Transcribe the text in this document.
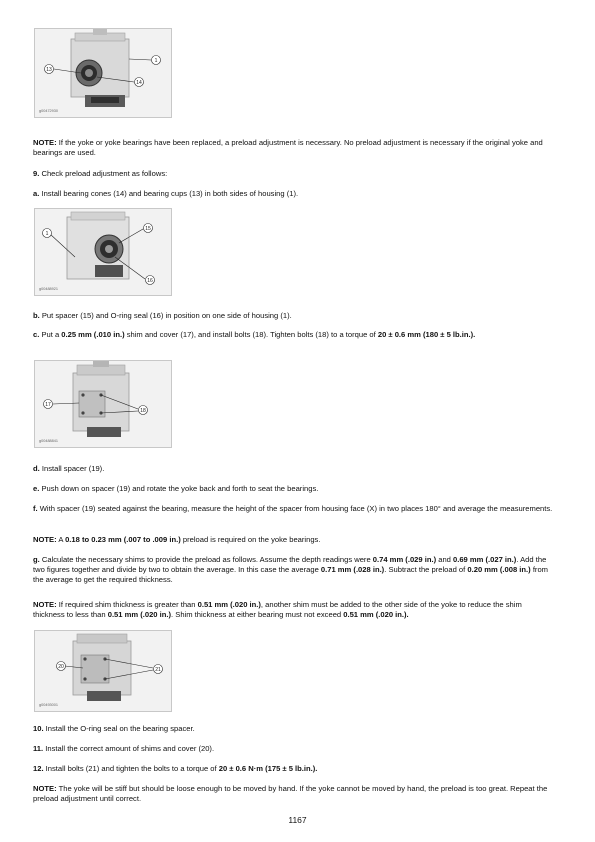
1
13
14
g00472930

NOTE: If the yoke or yoke bearings have been replaced, a preload adjustment is necessary. No preload adjustment is necessary if the original yoke and bearings are used.

9. Check preload adjustment as follows:

a. Install bearing cones (14) and bearing cups (13) in both sides of housing (1).

1
15
16
g00488921

b. Put spacer (15) and O-ring seal (16) in position on one side of housing (1).

c. Put a 0.25 mm (.010 in.) shim and cover (17), and install bolts (18). Tighten bolts (18) to a torque of 20 ± 0.6 mm (180 ± 5 lb.in.).

17
18
g00488841

d. Install spacer (19).

e. Push down on spacer (19) and rotate the yoke back and forth to seat the bearings.

f. With spacer (19) seated against the bearing, measure the height of the spacer from housing face (X) in two places 180° and average the measurements.

NOTE: A 0.18 to 0.23 mm (.007 to .009 in.) preload is required on the yoke bearings.

g. Calculate the necessary shims to provide the preload as follows. Assume the depth readings were 0.74 mm (.029 in.) and 0.69 mm (.027 in.). Add the two figures together and divide by two to obtain the average. In this case the average 0.71 mm (.028 in.). Subtract the preload of 0.20 mm (.008 in.) from the average to get the required thickness.

NOTE: If required shim thickness is greater than 0.51 mm (.020 in.), another shim must be added to the other side of the yoke to reduce the shim thickness to less than 0.51 mm (.020 in.). Shim thickness at either bearing must not exceed 0.51 mm (.020 in.).

20	21
g00493001

10. Install the O-ring seal on the bearing spacer.

11. Install the correct amount of shims and cover (20).

12. Install bolts (21) and tighten the bolts to a torque of 20 ± 0.6 N·m (175 ± 5 lb.in.).

NOTE: The yoke will be stiff but should be loose enough to be moved by hand. If the yoke cannot be moved by hand, the preload is too great. Repeat the preload adjustment until correct.

1167
